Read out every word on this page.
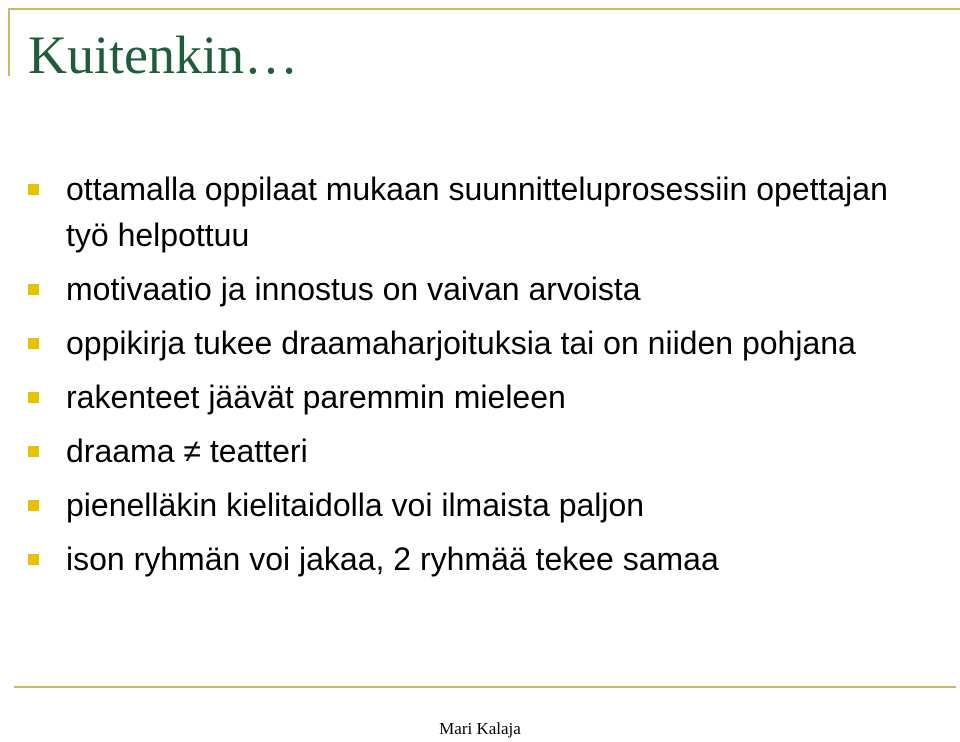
Kuitenkin…
ottamalla oppilaat mukaan suunnitteluprosessiin opettajan työ helpottuu
motivaatio ja innostus on vaivan arvoista
oppikirja tukee draamaharjoituksia tai on niiden pohjana
rakenteet jäävät paremmin mieleen
draama ≠ teatteri
pienelläkin kielitaidolla voi ilmaista paljon
ison ryhmän voi jakaa, 2 ryhmää tekee samaa
Mari Kalaja
